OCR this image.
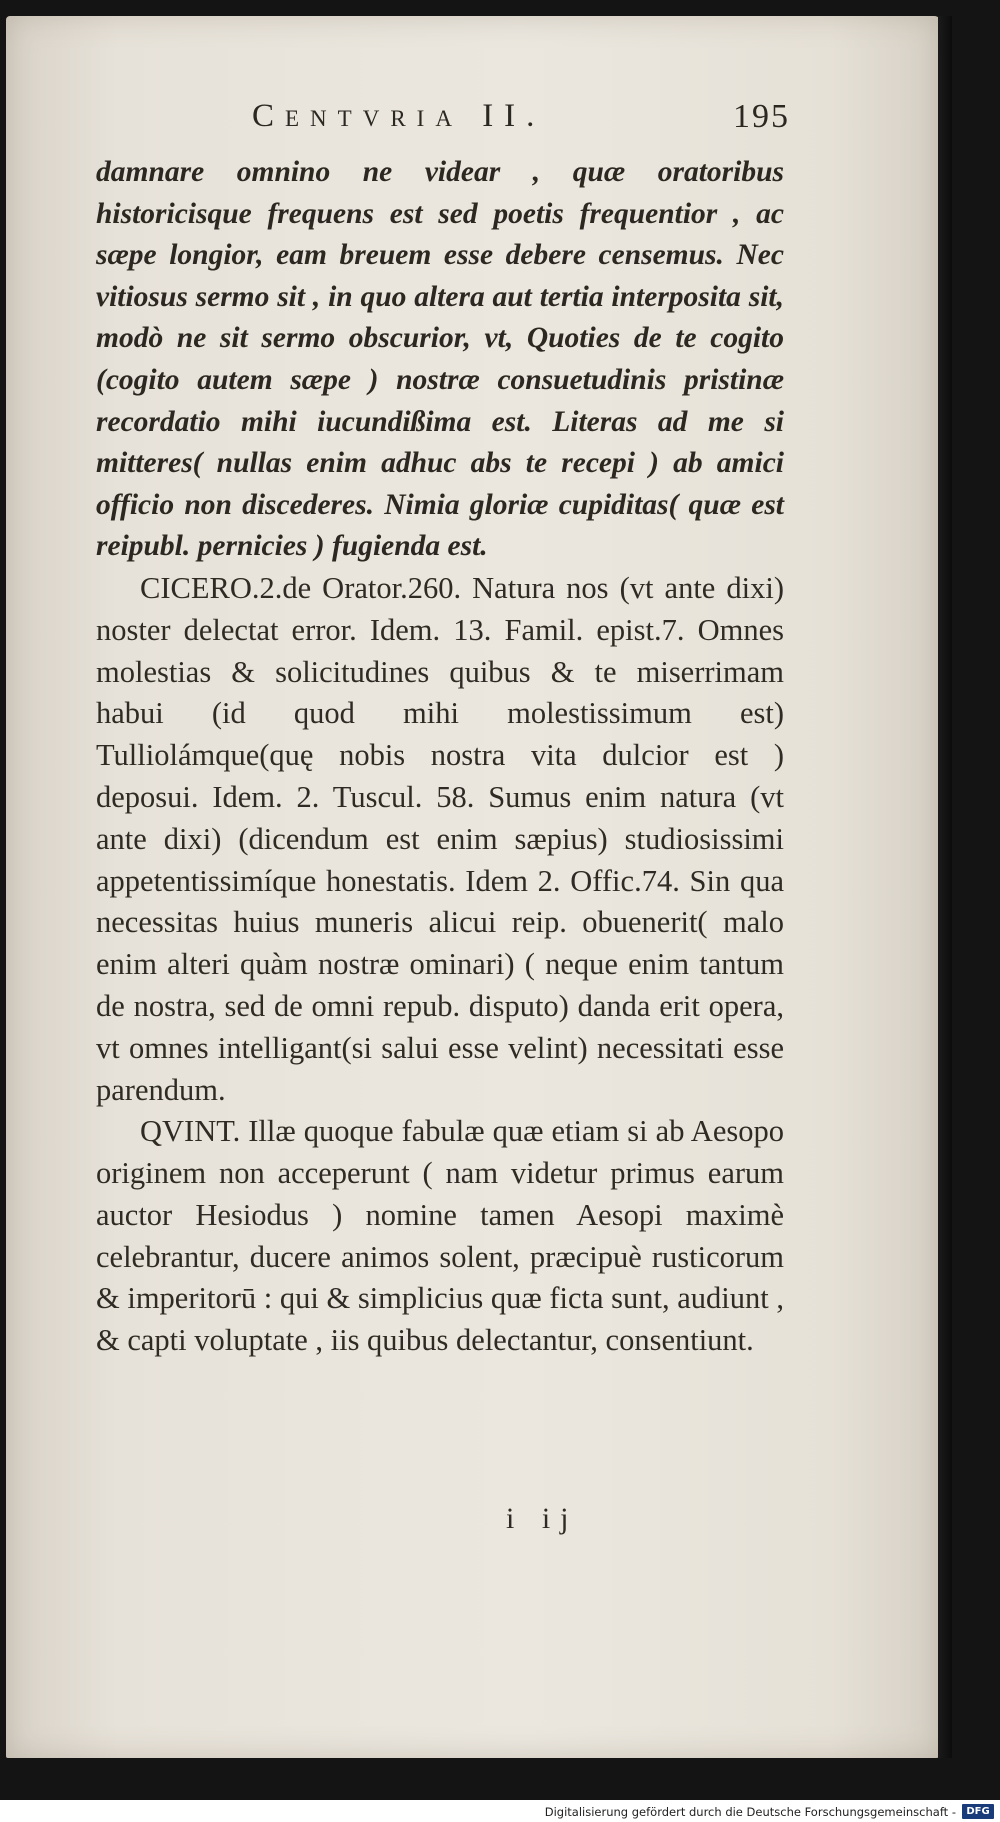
Centvria II.	195

damnare omnino ne videar , quæ oratoribus historicisque frequens est sed poetis frequentior , ac sæpe longior, eam breuem esse debere censemus. Nec vitiosus sermo sit , in quo altera aut tertia interposita sit, modò ne sit sermo obscurior, vt, Quoties de te cogito (cogito autem sæpe ) nostræ consuetudinis pristinæ recordatio mihi iucundißima est. Literas ad me si mitteres( nullas enim adhuc abs te recepi ) ab amici officio non discederes. Nimia gloriæ cupiditas( quæ est reipubl. pernicies ) fugienda est.

CICERO.2.de Orator.260. Natura nos (vt ante dixi) noster delectat error. Idem. 13. Famil. epist.7. Omnes molestias & solicitudines quibus & te miserrimam habui (id quod mihi molestissimum est) Tulliolámque(quę nobis nostra vita dulcior est ) deposui. Idem. 2. Tuscul. 58. Sumus enim natura (vt ante dixi) (dicendum est enim sæpius) studiosissimi appetentissimíque honestatis. Idem 2. Offic.74. Sin qua necessitas huius muneris alicui reip. obuenerit( malo enim alteri quàm nostræ ominari) ( neque enim tantum de nostra, sed de omni repub. disputo) danda erit opera, vt omnes intelligant(si salui esse velint) necessitati esse parendum.

QVINT. Illæ quoque fabulæ quæ etiam si ab Aesopo originem non acceperunt ( nam videtur primus earum auctor Hesiodus ) nomine tamen Aesopi maximè celebrantur, ducere animos solent, præcipuè rusticorum & imperitorū : qui & simplicius quæ ficta sunt, audiunt , & capti voluptate , iis quibus delectantur, consentiunt.

i ij
Digitalisierung gefördert durch die Deutsche Forschungsgemeinschaft -	DFG
